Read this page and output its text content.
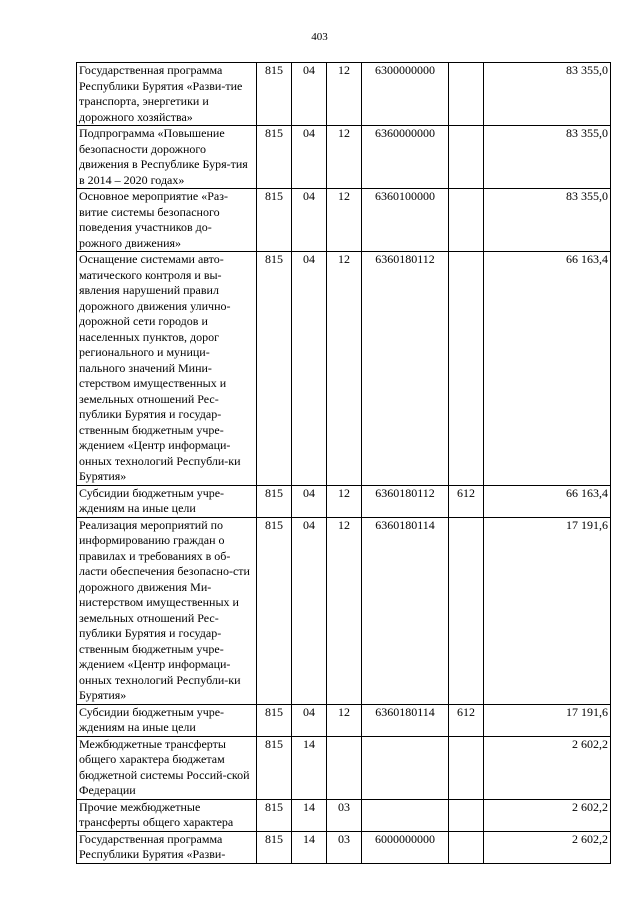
403
Государственная программа Республики Бурятия «Разви-тие транспорта, энергетики и дорожного хозяйства»	815	04	12	6300000000		83 355,0
Подпрограмма «Повышение безопасности дорожного движения в Республике Буря-тия в 2014 – 2020 годах»	815	04	12	6360000000		83 355,0
Основное мероприятие «Раз-витие системы безопасного поведения участников до-рожного движения»	815	04	12	6360100000		83 355,0
Оснащение системами авто-матического контроля и вы-явления нарушений правил дорожного движения улично-дорожной сети городов и населенных пунктов, дорог регионального и муници-пального значений Мини-стерством имущественных и земельных отношений Рес-публики Бурятия и государ-ственным бюджетным учре-ждением «Центр информаци-онных технологий Республи-ки Бурятия»	815	04	12	6360180112		66 163,4
Субсидии бюджетным учре-ждениям на иные цели	815	04	12	6360180112	612	66 163,4
Реализация мероприятий по информированию граждан о правилах и требованиях в об-ласти обеспечения безопасно-сти дорожного движения Ми-нистерством имущественных и земельных отношений Рес-публики Бурятия и государ-ственным бюджетным учре-ждением «Центр информаци-онных технологий Республи-ки Бурятия»	815	04	12	6360180114		17 191,6
Субсидии бюджетным учре-ждениям на иные цели	815	04	12	6360180114	612	17 191,6
Межбюджетные трансферты общего характера бюджетам бюджетной системы Россий-ской Федерации	815	14				2 602,2
Прочие межбюджетные трансферты общего характера	815	14	03			2 602,2
Государственная программа Республики Бурятия «Разви-	815	14	03	6000000000		2 602,2
